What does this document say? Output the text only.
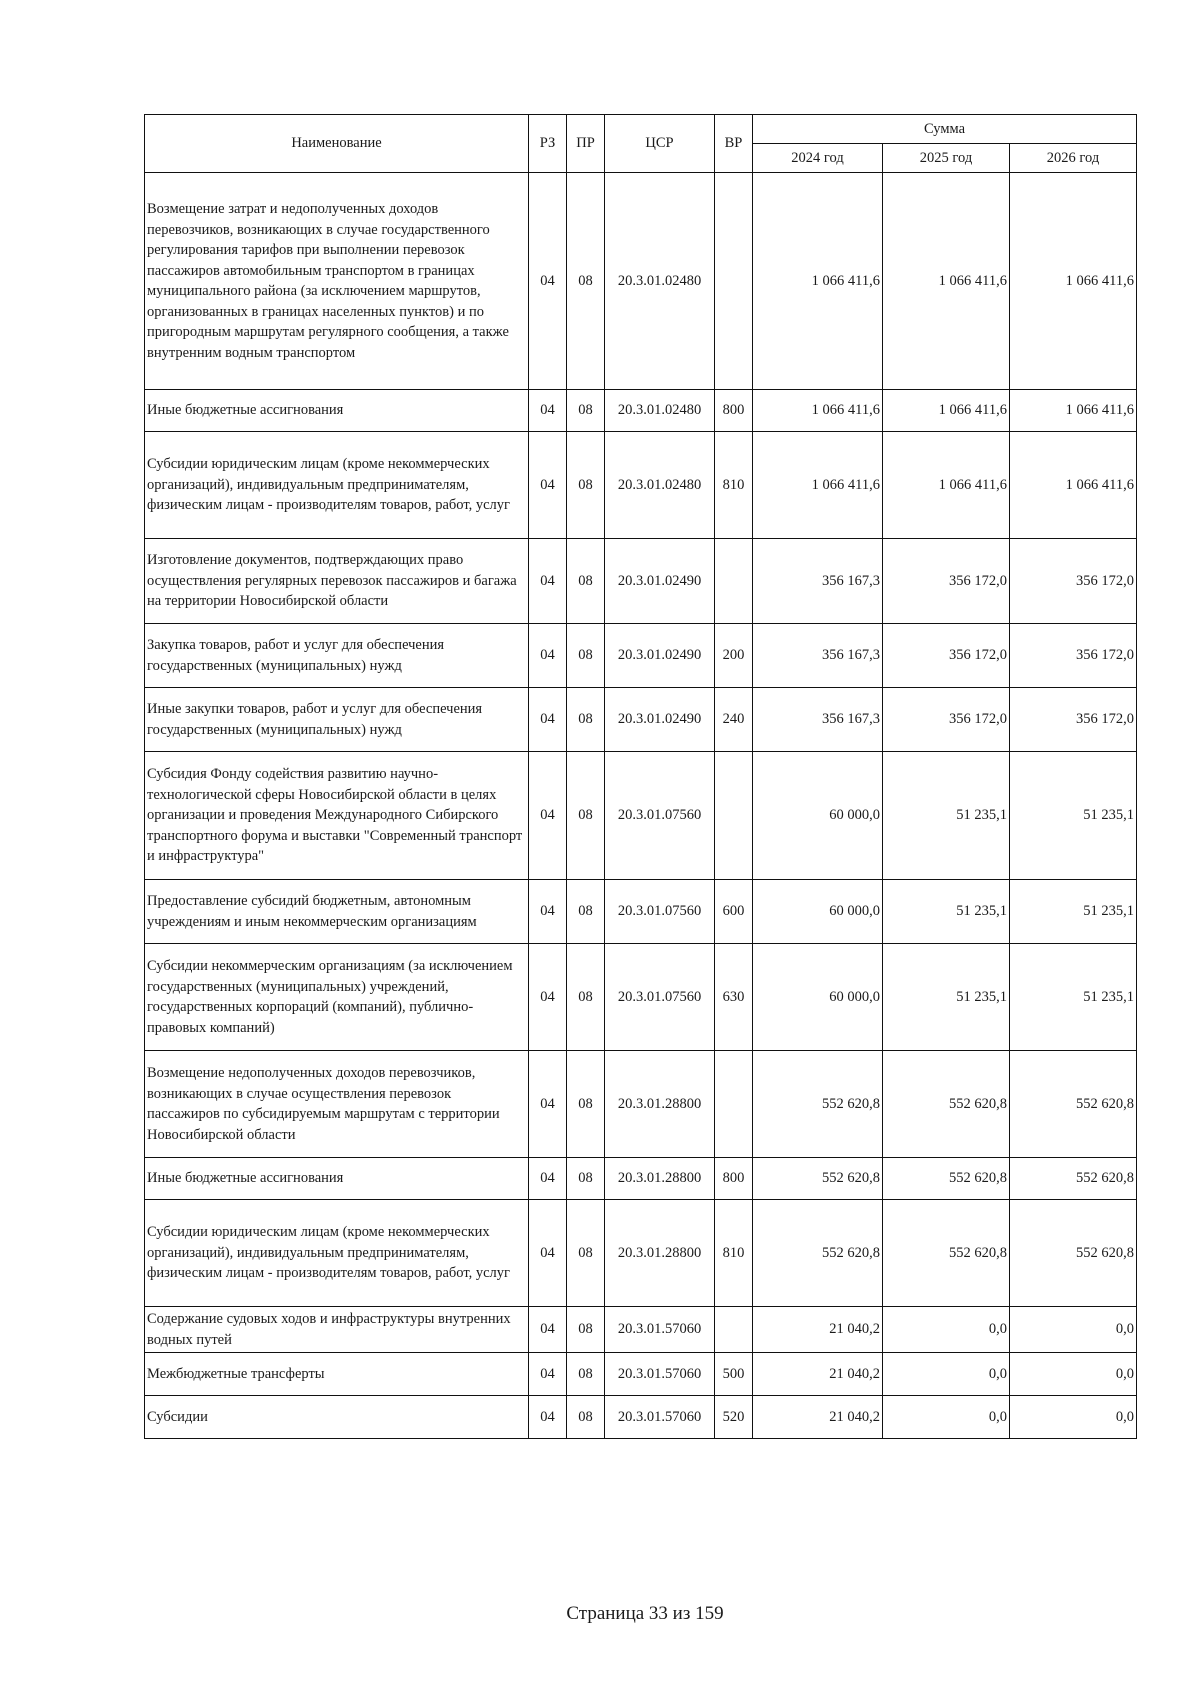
Наименование	РЗ	ПР	ЦСР	ВР	Сумма		
					2024 год	2025 год	2026 год
Возмещение затрат и недополученных доходов перевозчиков, возникающих в случае государственного регулирования тарифов при выполнении перевозок пассажиров автомобильным транспортом в границах муниципального района (за исключением маршрутов, организованных в границах населенных пунктов) и по пригородным маршрутам регулярного сообщения, а также внутренним водным транспортом	04	08	20.3.01.02480		1 066 411,6	1 066 411,6	1 066 411,6
Иные бюджетные ассигнования	04	08	20.3.01.02480	800	1 066 411,6	1 066 411,6	1 066 411,6
Субсидии юридическим лицам (кроме некоммерческих организаций), индивидуальным предпринимателям, физическим лицам - производителям товаров, работ, услуг	04	08	20.3.01.02480	810	1 066 411,6	1 066 411,6	1 066 411,6
Изготовление документов, подтверждающих право осуществления регулярных перевозок пассажиров и багажа на территории Новосибирской области	04	08	20.3.01.02490		356 167,3	356 172,0	356 172,0
Закупка товаров, работ и услуг для обеспечения государственных (муниципальных) нужд	04	08	20.3.01.02490	200	356 167,3	356 172,0	356 172,0
Иные закупки товаров, работ и услуг для обеспечения государственных (муниципальных) нужд	04	08	20.3.01.02490	240	356 167,3	356 172,0	356 172,0
Субсидия Фонду содействия развитию научно-технологической сферы Новосибирской области в целях организации и проведения Международного Сибирского транспортного форума и выставки "Современный транспорт и инфраструктура"	04	08	20.3.01.07560		60 000,0	51 235,1	51 235,1
Предоставление субсидий бюджетным, автономным учреждениям и иным некоммерческим организациям	04	08	20.3.01.07560	600	60 000,0	51 235,1	51 235,1
Субсидии некоммерческим организациям (за исключением государственных (муниципальных) учреждений, государственных корпораций (компаний), публично-правовых компаний)	04	08	20.3.01.07560	630	60 000,0	51 235,1	51 235,1
Возмещение недополученных доходов перевозчиков, возникающих в случае осуществления перевозок пассажиров по субсидируемым маршрутам с территории Новосибирской области	04	08	20.3.01.28800		552 620,8	552 620,8	552 620,8
Иные бюджетные ассигнования	04	08	20.3.01.28800	800	552 620,8	552 620,8	552 620,8
Субсидии юридическим лицам (кроме некоммерческих организаций), индивидуальным предпринимателям, физическим лицам - производителям товаров, работ, услуг	04	08	20.3.01.28800	810	552 620,8	552 620,8	552 620,8
Содержание судовых ходов и инфраструктуры внутренних водных путей	04	08	20.3.01.57060		21 040,2	0,0	0,0
Межбюджетные трансферты	04	08	20.3.01.57060	500	21 040,2	0,0	0,0
Субсидии	04	08	20.3.01.57060	520	21 040,2	0,0	0,0
Страница 33 из 159
